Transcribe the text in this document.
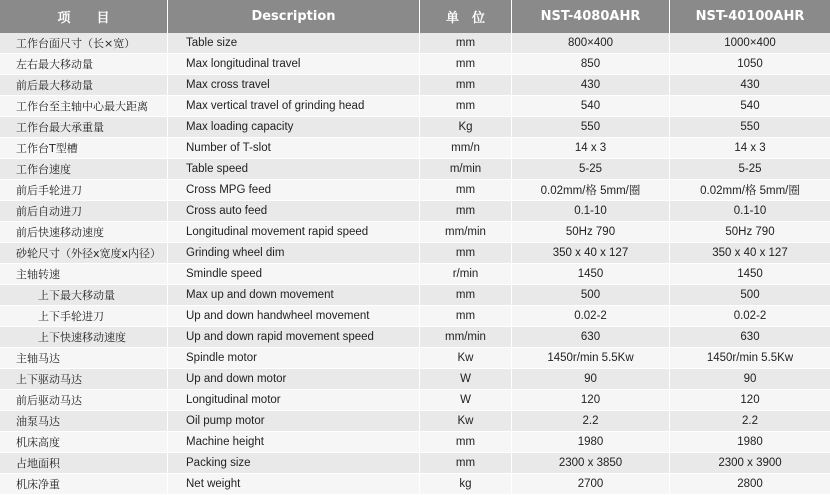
项　　目	Description	单　位	NST-4080AHR	NST-40100AHR
工作台面尺寸（长×宽）	Table size	mm	800×400	1000×400
左右最大移动量	Max longitudinal travel	mm	850	1050
前后最大移动量	Max cross travel	mm	430	430
工作台至主轴中心最大距离	Max vertical travel of grinding head	mm	540	540
工作台最大承重量	Max loading capacity	Kg	550	550
工作台T型槽	Number of T-slot	mm/n	14 x 3	14 x 3
工作台速度	Table speed	m/min	5-25	5-25
前后手轮进刀	Cross MPG feed	mm	0.02mm/格 5mm/圈	0.02mm/格 5mm/圈
前后自动进刀	Cross auto feed	mm	0.1-10	0.1-10
前后快速移动速度	Longitudinal movement rapid speed	mm/min	50Hz 790	50Hz 790
砂轮尺寸（外径x宽度x内径）	Grinding wheel dim	mm	350 x 40 x 127	350 x 40 x 127
主轴转速	Smindle speed	r/min	1450	1450
上下最大移动量	Max up and down movement	mm	500	500
上下手轮进刀	Up and down handwheel movement	mm	0.02-2	0.02-2
上下快速移动速度	Up and down rapid movement speed	mm/min	630	630
主轴马达	Spindle motor	Kw	1450r/min 5.5Kw	1450r/min 5.5Kw
上下驱动马达	Up and down motor	W	90	90
前后驱动马达	Longitudinal motor	W	120	120
油泵马达	Oil pump motor	Kw	2.2	2.2
机床高度	Machine height	mm	1980	1980
占地面积	Packing size	mm	2300 x 3850	2300 x 3900
机床净重	Net weight	kg	2700	2800
